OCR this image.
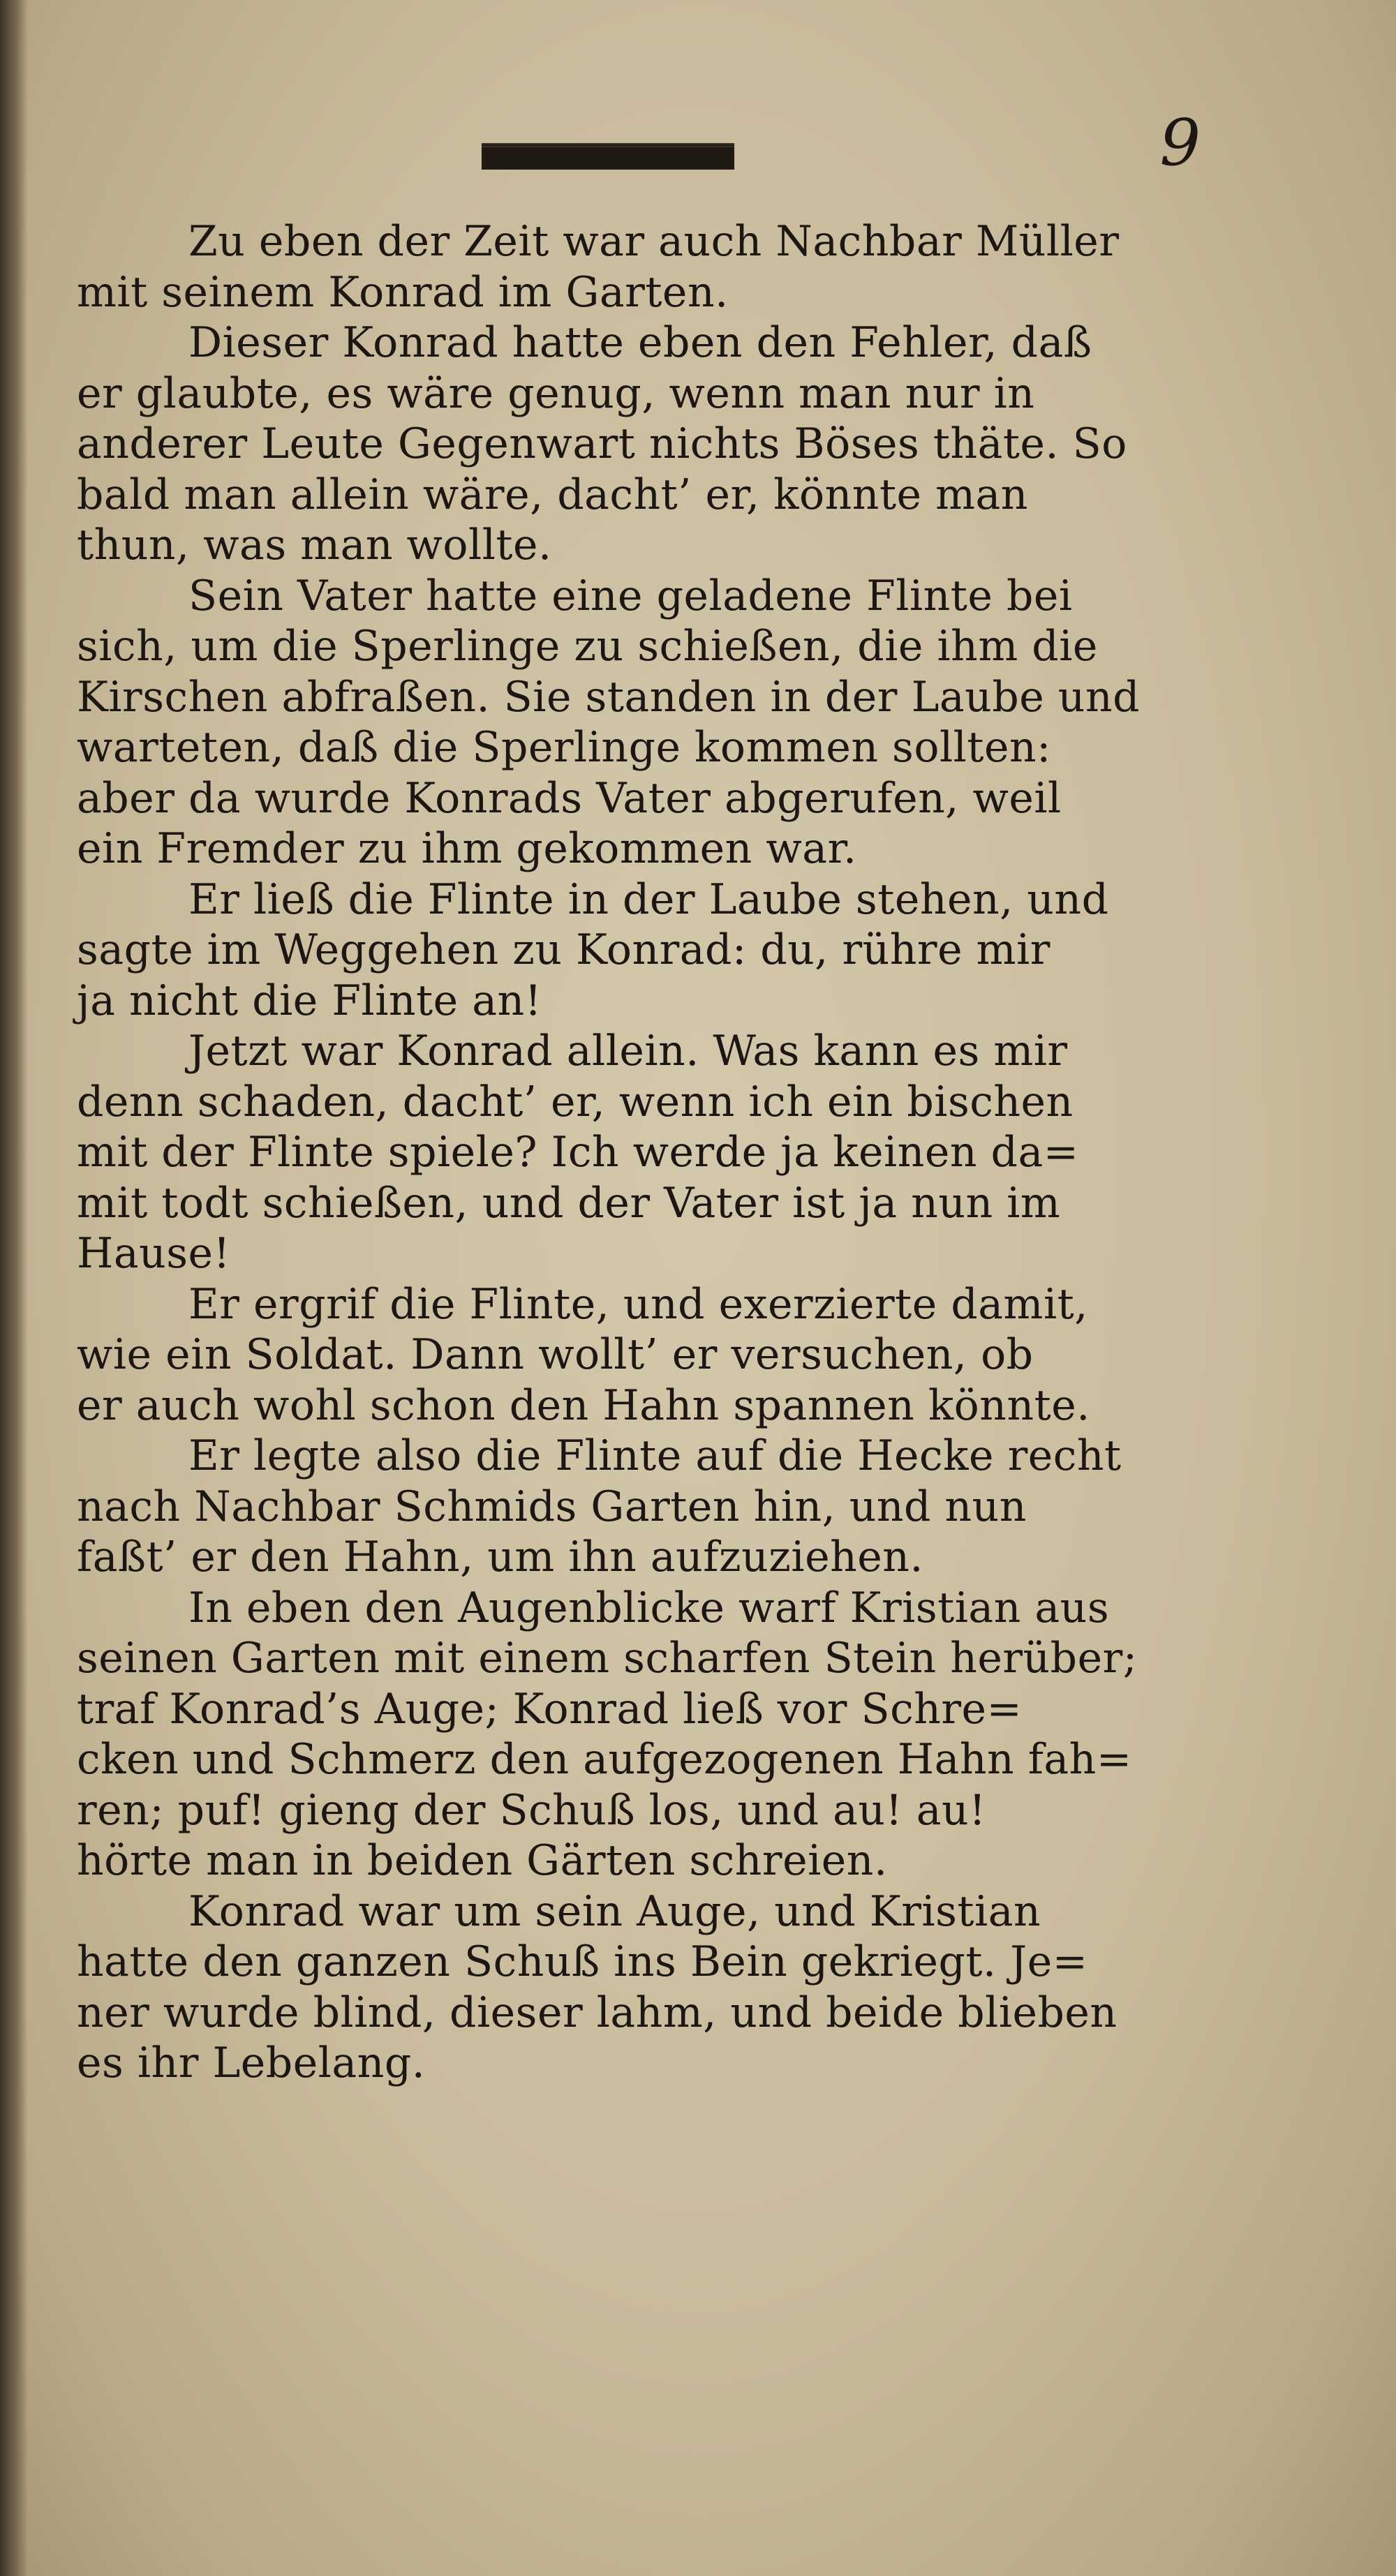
9
Zu eben der Zeit war auch Nachbar Müller
mit seinem Konrad im Garten.
Dieser Konrad hatte eben den Fehler, daß
er glaubte, es wäre genug, wenn man nur in
anderer Leute Gegenwart nichts Böses thäte. So
bald man allein wäre, dacht’ er, könnte man
thun, was man wollte.
Sein Vater hatte eine geladene Flinte bei
sich, um die Sperlinge zu schießen, die ihm die
Kirschen abfraßen. Sie standen in der Laube und
warteten, daß die Sperlinge kommen sollten:
aber da wurde Konrads Vater abgerufen, weil
ein Fremder zu ihm gekommen war.
Er ließ die Flinte in der Laube stehen, und
sagte im Weggehen zu Konrad: du, rühre mir
ja nicht die Flinte an!
Jetzt war Konrad allein. Was kann es mir
denn schaden, dacht’ er, wenn ich ein bischen
mit der Flinte spiele? Ich werde ja keinen da=
mit todt schießen, und der Vater ist ja nun im
Hause!
Er ergrif die Flinte, und exerzierte damit,
wie ein Soldat. Dann wollt’ er versuchen, ob
er auch wohl schon den Hahn spannen könnte.
Er legte also die Flinte auf die Hecke recht
nach Nachbar Schmids Garten hin, und nun
faßt’ er den Hahn, um ihn aufzuziehen.
In eben den Augenblicke warf Kristian aus
seinen Garten mit einem scharfen Stein herüber;
traf Konrad’s Auge; Konrad ließ vor Schre=
cken und Schmerz den aufgezogenen Hahn fah=
ren; puf! gieng der Schuß los, und au! au!
hörte man in beiden Gärten schreien.
Konrad war um sein Auge, und Kristian
hatte den ganzen Schuß ins Bein gekriegt. Je=
ner wurde blind, dieser lahm, und beide blieben
es ihr Lebelang.
